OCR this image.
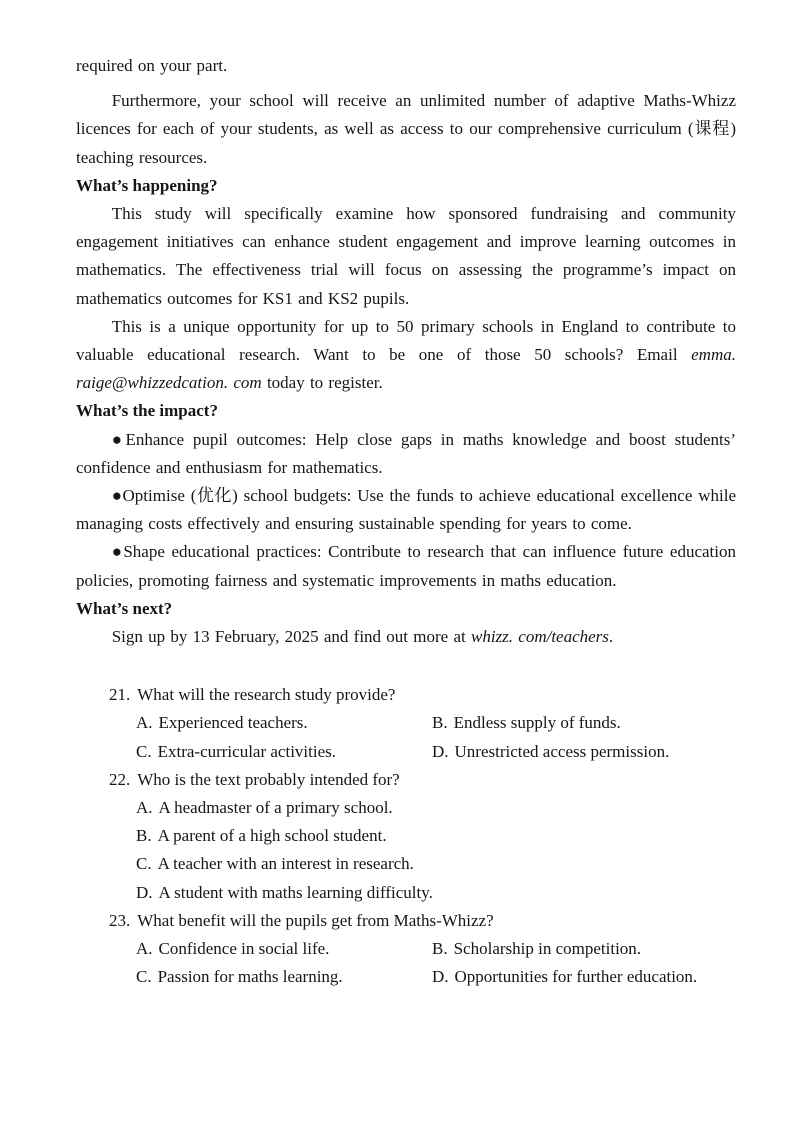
required on your part.

Furthermore, your school will receive an unlimited number of adaptive Maths-Whizz licences for each of your students, as well as access to our comprehensive curriculum (课程) teaching resources.

What’s happening?

This study will specifically examine how sponsored fundraising and community engagement initiatives can enhance student engagement and improve learning outcomes in mathematics. The effectiveness trial will focus on assessing the programme’s impact on mathematics outcomes for KS1 and KS2 pupils.

This is a unique opportunity for up to 50 primary schools in England to contribute to valuable educational research. Want to be one of those 50 schools? Email emma. raige@whizzedcation. com today to register.

What’s the impact?

●Enhance pupil outcomes: Help close gaps in maths knowledge and boost students’ confidence and enthusiasm for mathematics.

●Optimise (优化) school budgets: Use the funds to achieve educational excellence while managing costs effectively and ensuring sustainable spending for years to come.

●Shape educational practices: Contribute to research that can influence future education policies, promoting fairness and systematic improvements in maths education.

What’s next?

Sign up by 13 February, 2025 and find out more at whizz. com/teachers.

21. What will the research study provide?
A. Experienced teachers.	B. Endless supply of funds.
C. Extra-curricular activities.	D. Unrestricted access permission.
22. Who is the text probably intended for?
A. A headmaster of a primary school.
B. A parent of a high school student.
C. A teacher with an interest in research.
D. A student with maths learning difficulty.
23. What benefit will the pupils get from Maths-Whizz?
A. Confidence in social life.	B. Scholarship in competition.
C. Passion for maths learning.	D. Opportunities for further education.
